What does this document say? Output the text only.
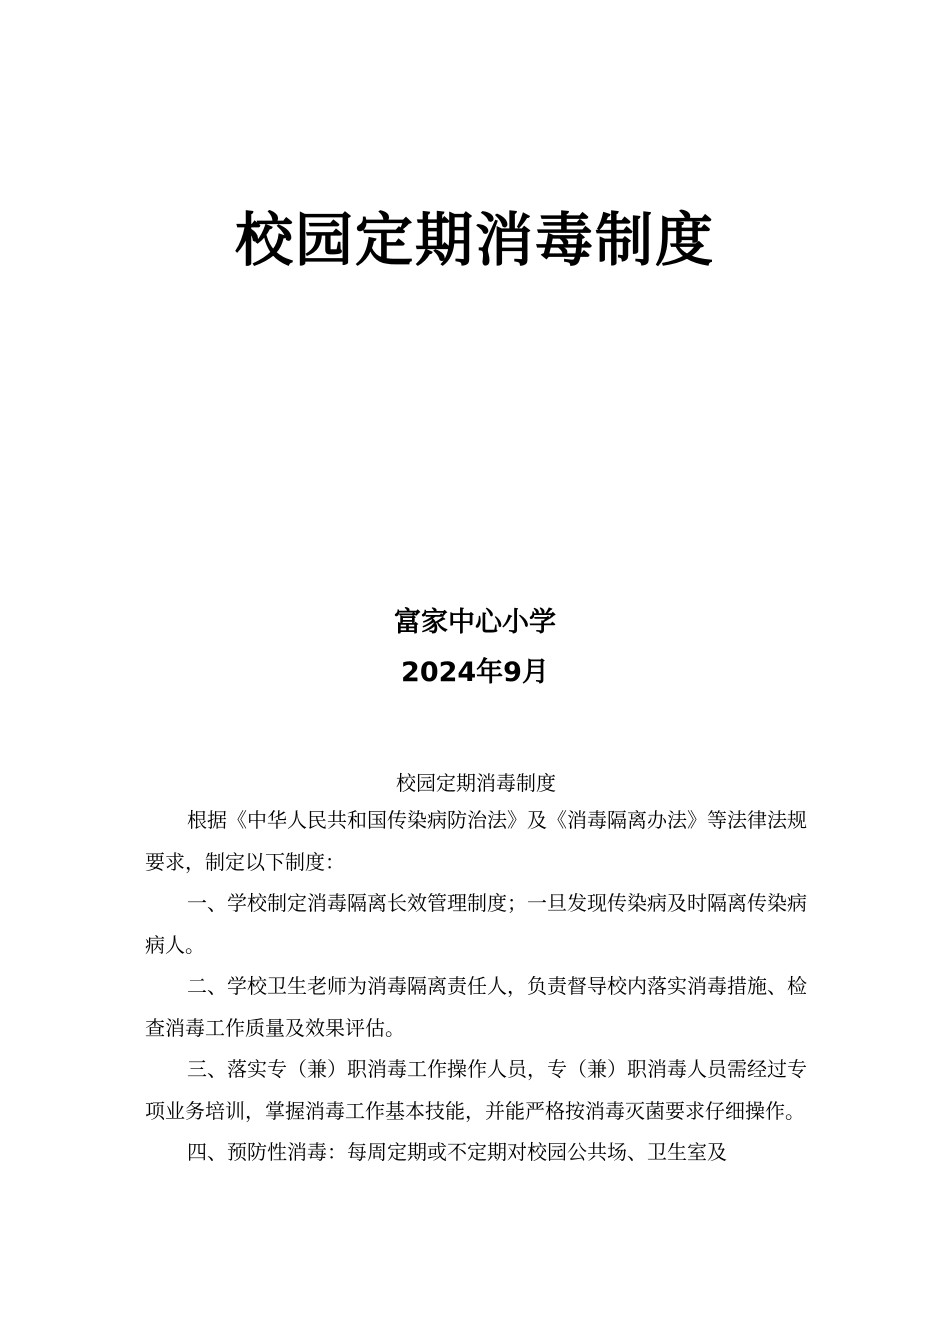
校园定期消毒制度
富家中心小学
2024年9月
校园定期消毒制度

根据《中华人民共和国传染病防治法》及《消毒隔离办法》等法律法规要求，制定以下制度：

一、学校制定消毒隔离长效管理制度；一旦发现传染病及时隔离传染病病人。

二、学校卫生老师为消毒隔离责任人，负责督导校内落实消毒措施、检查消毒工作质量及效果评估。

三、落实专（兼）职消毒工作操作人员，专（兼）职消毒人员需经过专项业务培训，掌握消毒工作基本技能，并能严格按消毒灭菌要求仔细操作。

四、预防性消毒：每周定期或不定期对校园公共场、卫生室及
